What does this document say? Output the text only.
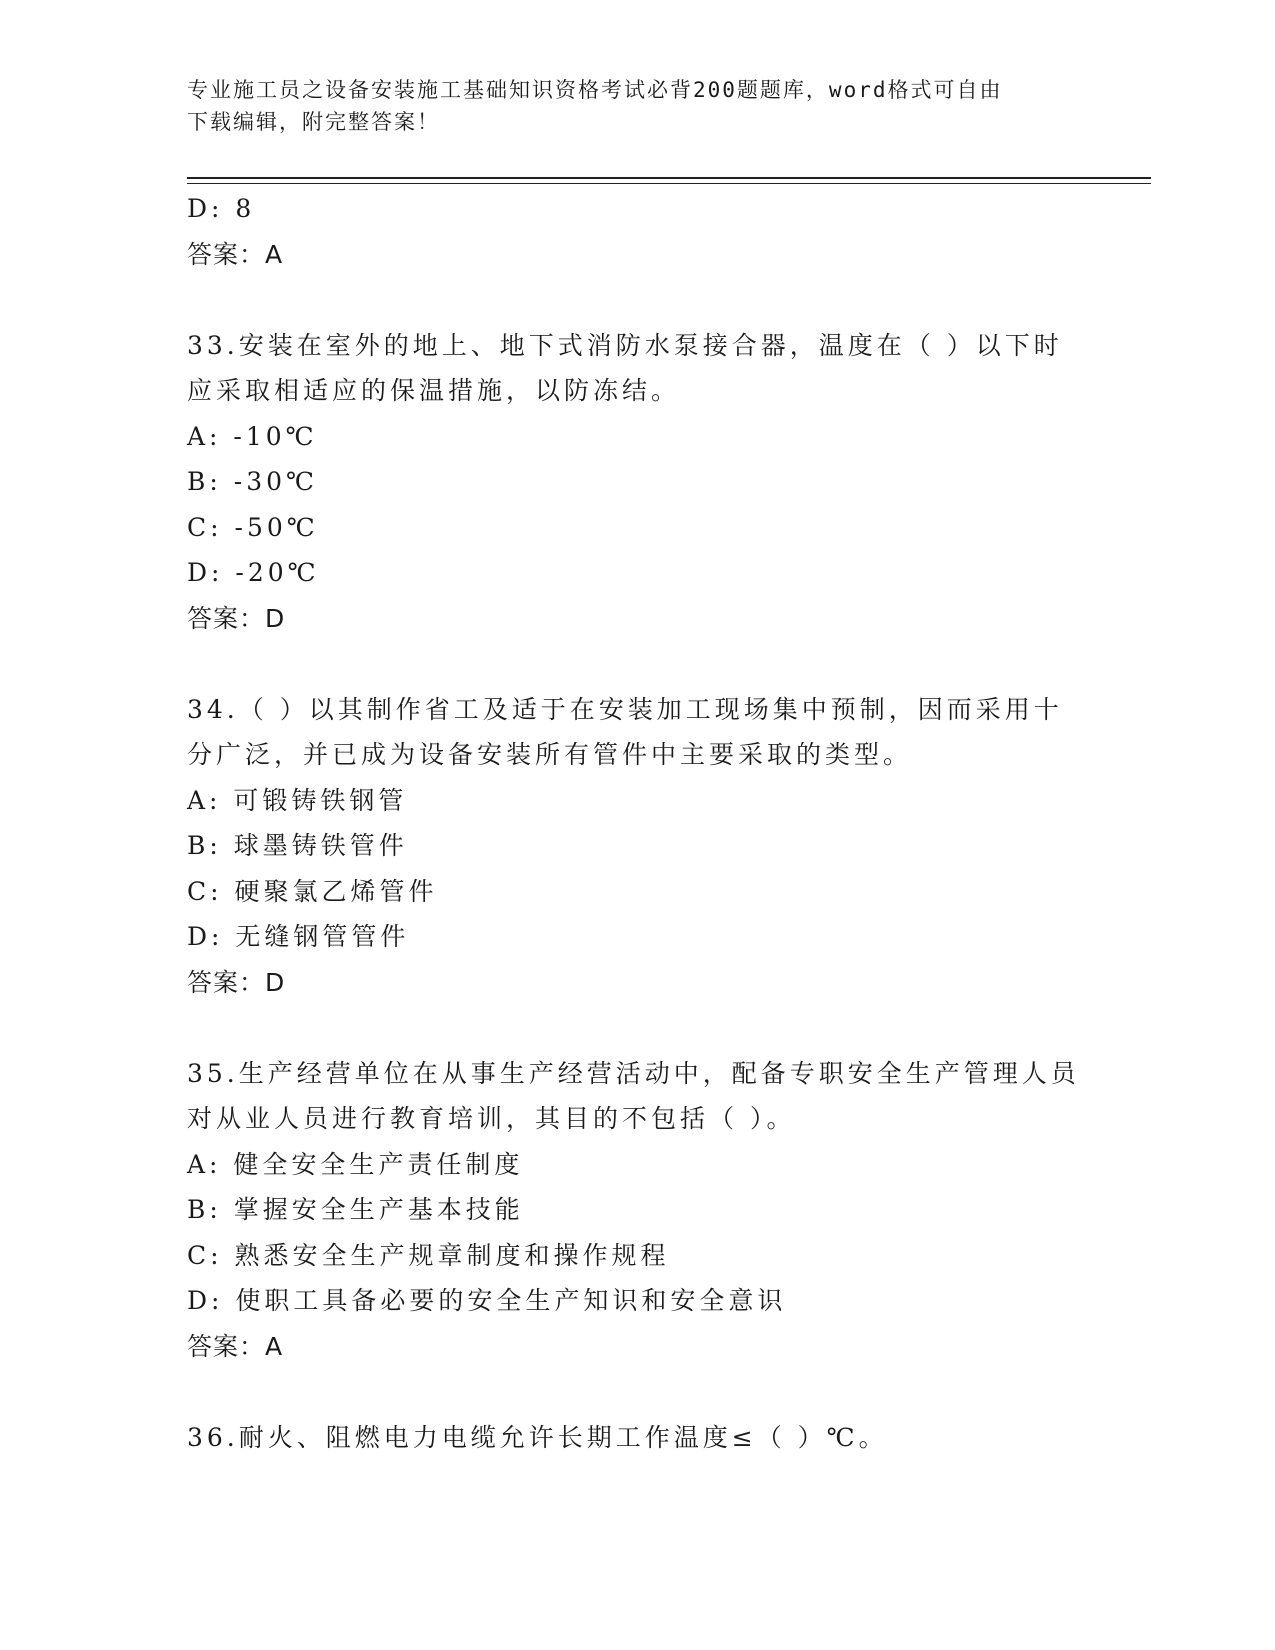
专业施工员之设备安装施工基础知识资格考试必背200题题库，word格式可自由
下载编辑，附完整答案！
D: 8
答案：A
33.安装在室外的地上、地下式消防水泵接合器，温度在（ ）以下时
应采取相适应的保温措施，以防冻结。
A: -10℃
B: -30℃
C: -50℃
D: -20℃
答案：D
34.（ ）以其制作省工及适于在安装加工现场集中预制，因而采用十
分广泛，并已成为设备安装所有管件中主要采取的类型。
A: 可锻铸铁钢管
B: 球墨铸铁管件
C: 硬聚氯乙烯管件
D: 无缝钢管管件
答案：D
35.生产经营单位在从事生产经营活动中，配备专职安全生产管理人员
对从业人员进行教育培训，其目的不包括（ ）。
A: 健全安全生产责任制度
B: 掌握安全生产基本技能
C: 熟悉安全生产规章制度和操作规程
D: 使职工具备必要的安全生产知识和安全意识
答案：A
36.耐火、阻燃电力电缆允许长期工作温度≤（ ）℃。
